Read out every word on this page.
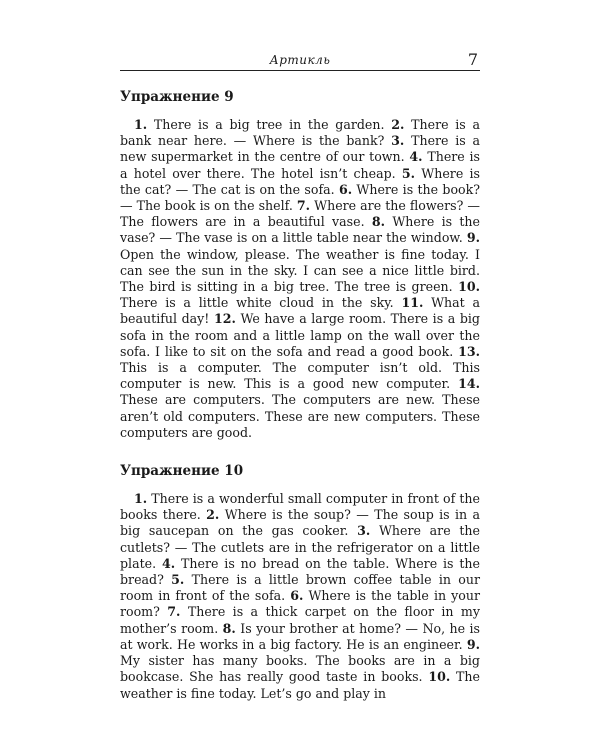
Артикль	7
Упражнение 9

1. There is a big tree in the garden. 2. There is a bank near here. — Where is the bank? 3. There is a new supermarket in the centre of our town. 4. There is a hotel over there. The hotel isn’t cheap. 5. Where is the cat? — The cat is on the sofa. 6. Where is the book? — The book is on the shelf. 7. Where are the flowers? — The flowers are in a beautiful vase. 8. Where is the vase? — The vase is on a little table near the window. 9. Open the window, please. The weather is fine today. I can see the sun in the sky. I can see a nice little bird. The bird is sitting in a big tree. The tree is green. 10. There is a little white cloud in the sky. 11. What a beautiful day! 12. We have a large room. There is a big sofa in the room and a little lamp on the wall over the sofa. I like to sit on the sofa and read a good book. 13. This is a computer. The computer isn’t old. This computer is new. This is a good new computer. 14. These are computers. The computers are new. These aren’t old computers. These are new computers. These computers are good.

Упражнение 10

1. There is a wonderful small computer in front of the books there. 2. Where is the soup? — The soup is in a big saucepan on the gas cooker. 3. Where are the cutlets? — The cutlets are in the refrigerator on a little plate. 4. There is no bread on the table. Where is the bread? 5. There is a little brown coffee table in our room in front of the sofa. 6. Where is the table in your room? 7. There is a thick carpet on the floor in my mother’s room. 8. Is your brother at home? — No, he is at work. He works in a big factory. He is an engineer. 9. My sister has many books. The books are in a big bookcase. She has really good taste in books. 10. The weather is fine today. Let’s go and play in
